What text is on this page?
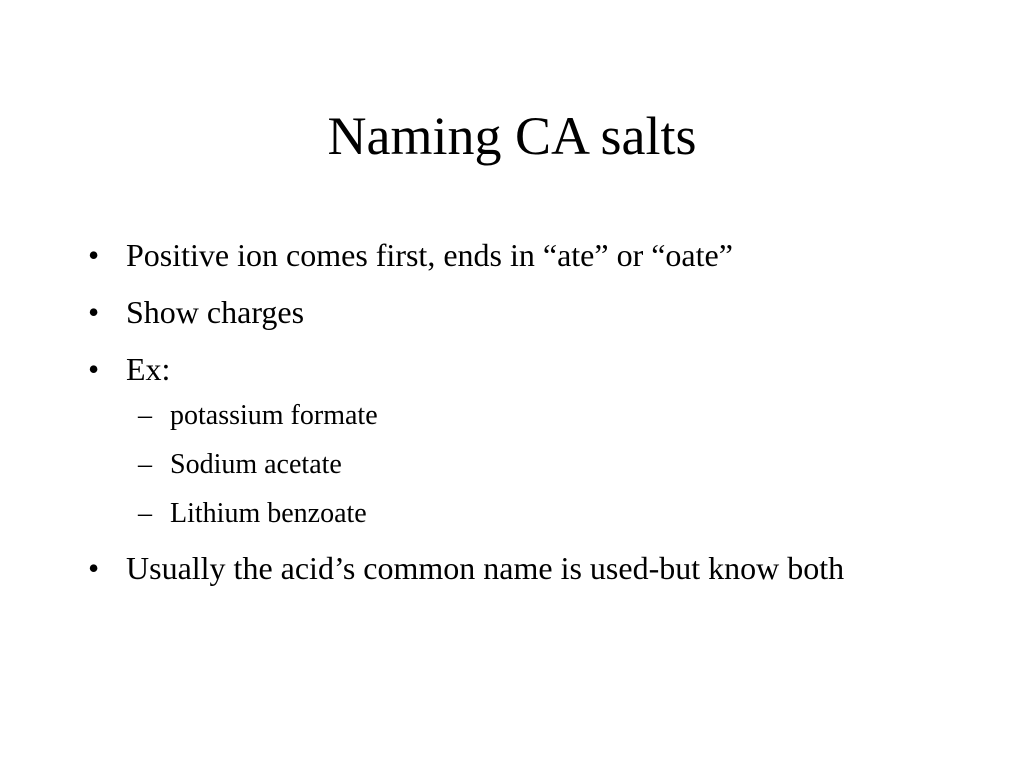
Naming CA salts
• Positive ion comes first, ends in “ate” or “oate”
• Show charges
• Ex:
– potassium formate
– Sodium acetate
– Lithium benzoate
• Usually the acid’s common name is used-but know both
